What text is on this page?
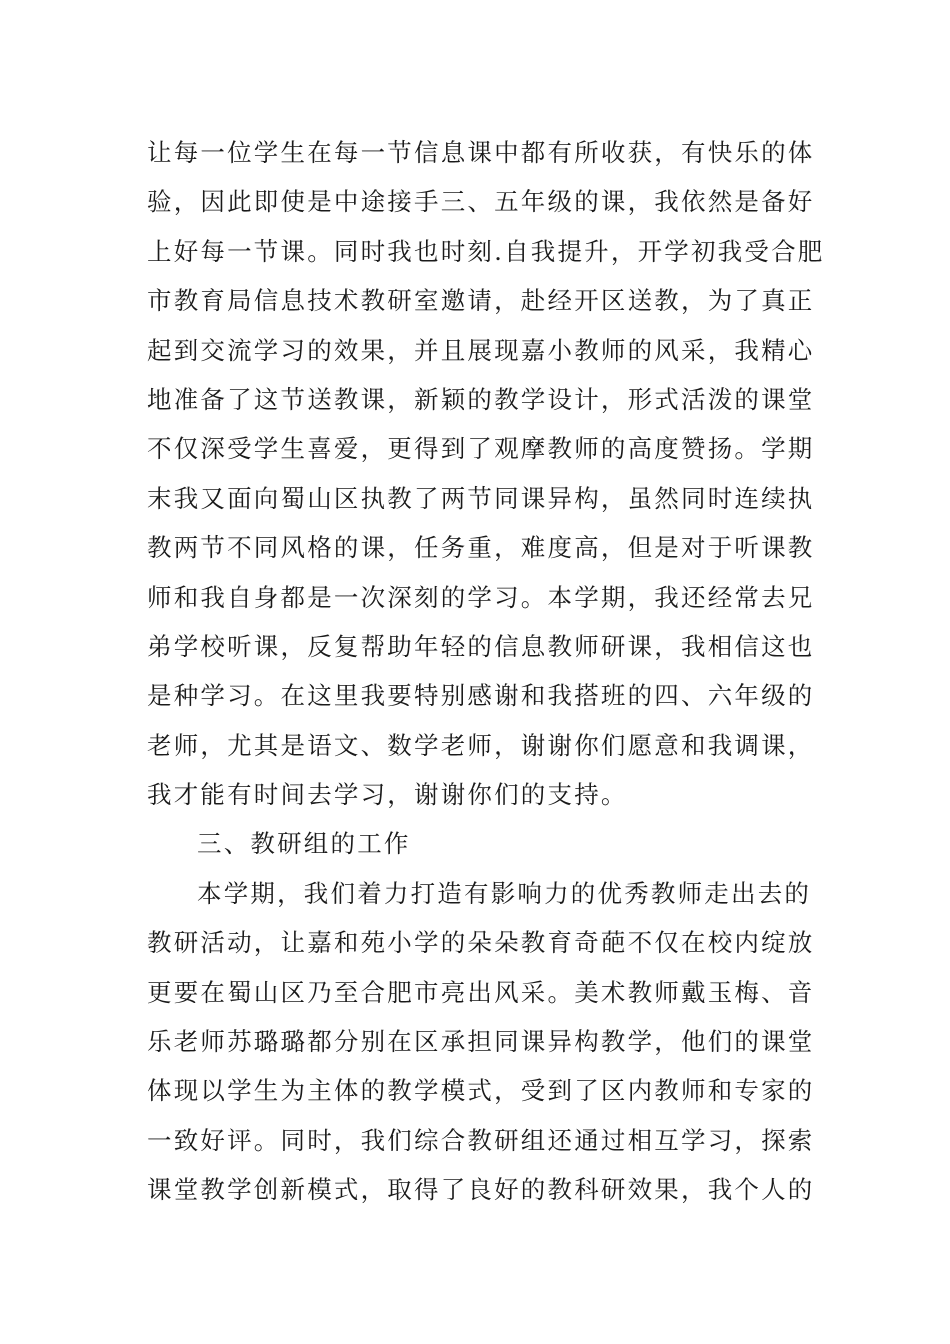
让每一位学生在每一节信息课中都有所收获，有快乐的体
验，因此即使是中途接手三、五年级的课，我依然是备好
上好每一节课。同时我也时刻.自我提升，开学初我受合肥
市教育局信息技术教研室邀请，赴经开区送教，为了真正
起到交流学习的效果，并且展现嘉小教师的风采，我精心
地准备了这节送教课，新颖的教学设计，形式活泼的课堂
不仅深受学生喜爱，更得到了观摩教师的高度赞扬。学期
末我又面向蜀山区执教了两节同课异构，虽然同时连续执
教两节不同风格的课，任务重，难度高，但是对于听课教
师和我自身都是一次深刻的学习。本学期，我还经常去兄
弟学校听课，反复帮助年轻的信息教师研课，我相信这也
是种学习。在这里我要特别感谢和我搭班的四、六年级的
老师，尤其是语文、数学老师，谢谢你们愿意和我调课，
我才能有时间去学习，谢谢你们的支持。
三、教研组的工作
本学期，我们着力打造有影响力的优秀教师走出去的
教研活动，让嘉和苑小学的朵朵教育奇葩不仅在校内绽放
更要在蜀山区乃至合肥市亮出风采。美术教师戴玉梅、音
乐老师苏璐璐都分别在区承担同课异构教学，他们的课堂
体现以学生为主体的教学模式，受到了区内教师和专家的
一致好评。同时，我们综合教研组还通过相互学习，探索
课堂教学创新模式，取得了良好的教科研效果，我个人的
